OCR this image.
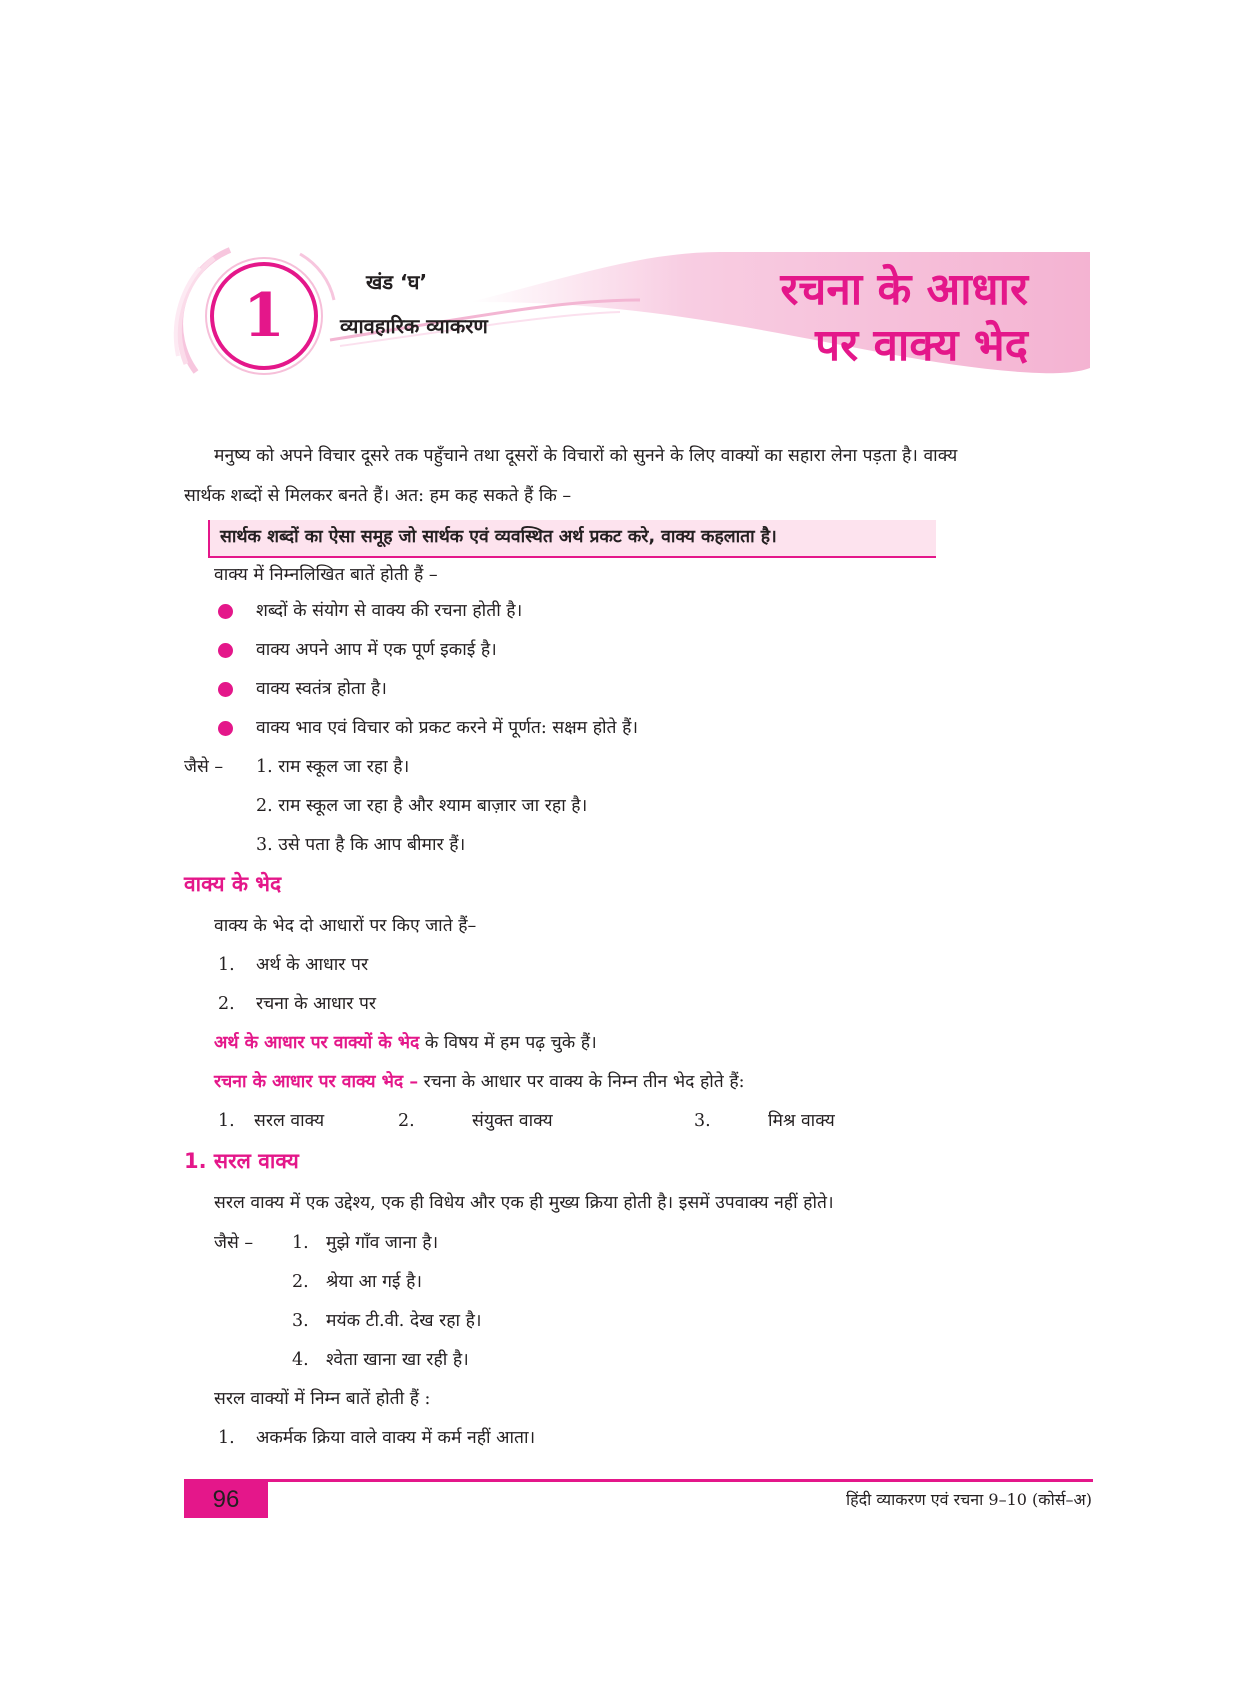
1	खंड ‘घ’
व्यावहारिक व्याकरण
रचना के आधार
पर वाक्य भेद
मनुष्य को अपने विचार दूसरे तक पहुँचाने तथा दूसरों के विचारों को सुनने के लिए वाक्यों का सहारा लेना पड़ता है। वाक्य
सार्थक शब्दों से मिलकर बनते हैं। अत: हम कह सकते हैं कि –
सार्थक शब्दों का ऐसा समूह जो सार्थक एवं व्यवस्थित अर्थ प्रकट करे, वाक्य कहलाता है।
वाक्य में निम्नलिखित बातें होती हैं –
शब्दों के संयोग से वाक्य की रचना होती है।
वाक्य अपने आप में एक पूर्ण इकाई है।
वाक्य स्वतंत्र होता है।
वाक्य भाव एवं विचार को प्रकट करने में पूर्णत: सक्षम होते हैं।
जैसे – 1. राम स्कूल जा रहा है।
2. राम स्कूल जा रहा है और श्याम बाज़ार जा रहा है।
3. उसे पता है कि आप बीमार हैं।
वाक्य के भेद
वाक्य के भेद दो आधारों पर किए जाते हैं–
1. अर्थ के आधार पर
2. रचना के आधार पर
अर्थ के आधार पर वाक्यों के भेद के विषय में हम पढ़ चुके हैं।
रचना के आधार पर वाक्य भेद – रचना के आधार पर वाक्य के निम्न तीन भेद होते हैं:
1. सरल वाक्य	2.	संयुक्त वाक्य	3.	मिश्र वाक्य
1. सरल वाक्य
सरल वाक्य में एक उद्देश्य, एक ही विधेय और एक ही मुख्य क्रिया होती है। इसमें उपवाक्य नहीं होते।
जैसे – 1. मुझे गाँव जाना है।
2. श्रेया आ गई है।
3. मयंक टी.वी. देख रहा है।
4. श्वेता खाना खा रही है।
सरल वाक्यों में निम्न बातें होती हैं :
1. अकर्मक क्रिया वाले वाक्य में कर्म नहीं आता।
96	हिंदी व्याकरण एवं रचना 9–10 (कोर्स–अ)
